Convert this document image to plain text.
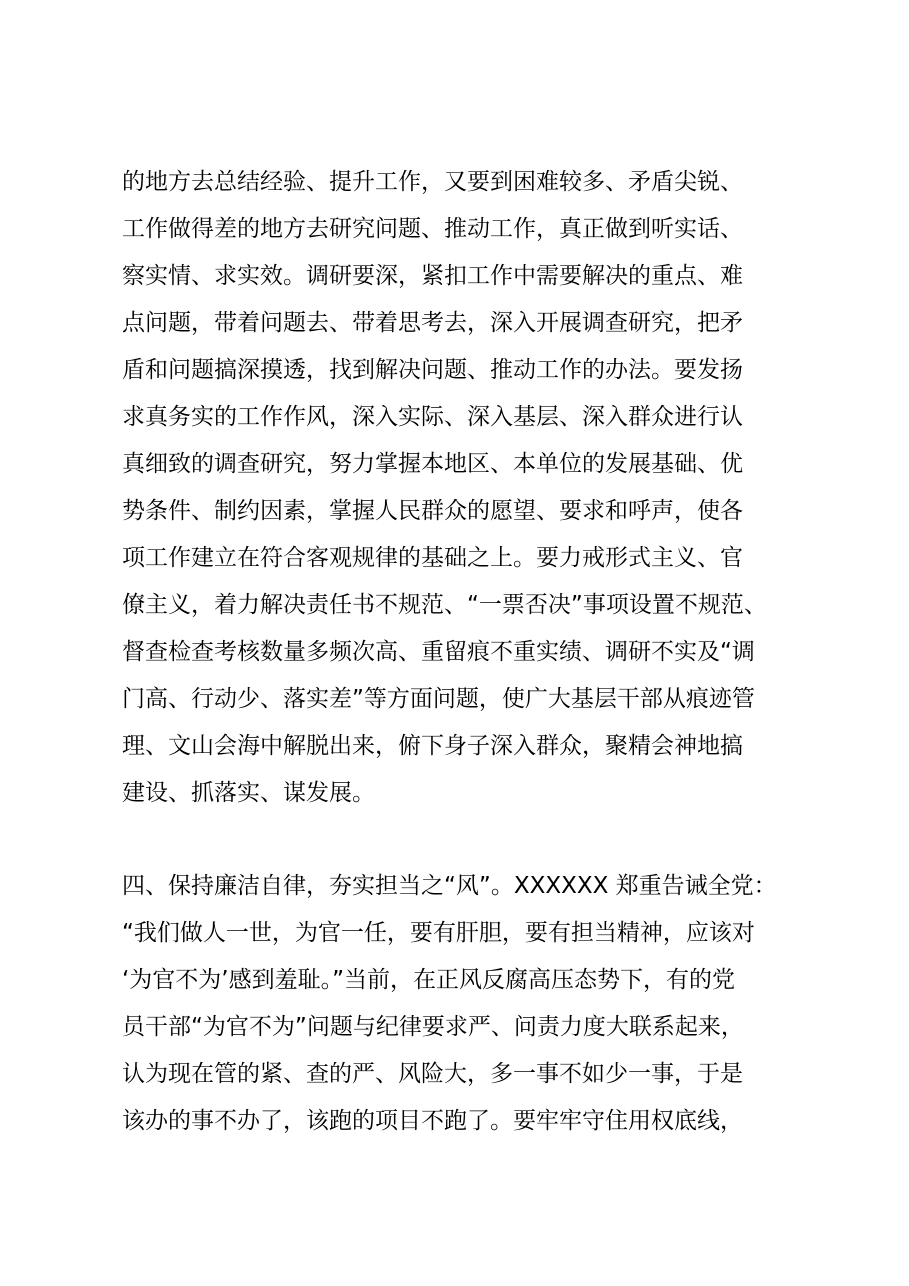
的地方去总结经验、提升工作，又要到困难较多、矛盾尖锐、
工作做得差的地方去研究问题、推动工作，真正做到听实话、
察实情、求实效。调研要深，紧扣工作中需要解决的重点、难
点问题，带着问题去、带着思考去，深入开展调查研究，把矛
盾和问题搞深摸透，找到解决问题、推动工作的办法。要发扬
求真务实的工作作风，深入实际、深入基层、深入群众进行认
真细致的调查研究，努力掌握本地区、本单位的发展基础、优
势条件、制约因素，掌握人民群众的愿望、要求和呼声，使各
项工作建立在符合客观规律的基础之上。要力戒形式主义、官
僚主义，着力解决责任书不规范、“一票否决”事项设置不规范、
督查检查考核数量多频次高、重留痕不重实绩、调研不实及“调
门高、行动少、落实差”等方面问题，使广大基层干部从痕迹管
理、文山会海中解脱出来，俯下身子深入群众，聚精会神地搞
建设、抓落实、谋发展。
四、保持廉洁自律，夯实担当之“风”。XXXXXX 郑重告诫全党：
“我们做人一世，为官一任，要有肝胆，要有担当精神，应该对
‘为官不为’感到羞耻。”当前，在正风反腐高压态势下，有的党
员干部“为官不为”问题与纪律要求严、问责力度大联系起来，
认为现在管的紧、查的严、风险大，多一事不如少一事，于是
该办的事不办了，该跑的项目不跑了。要牢牢守住用权底线，
